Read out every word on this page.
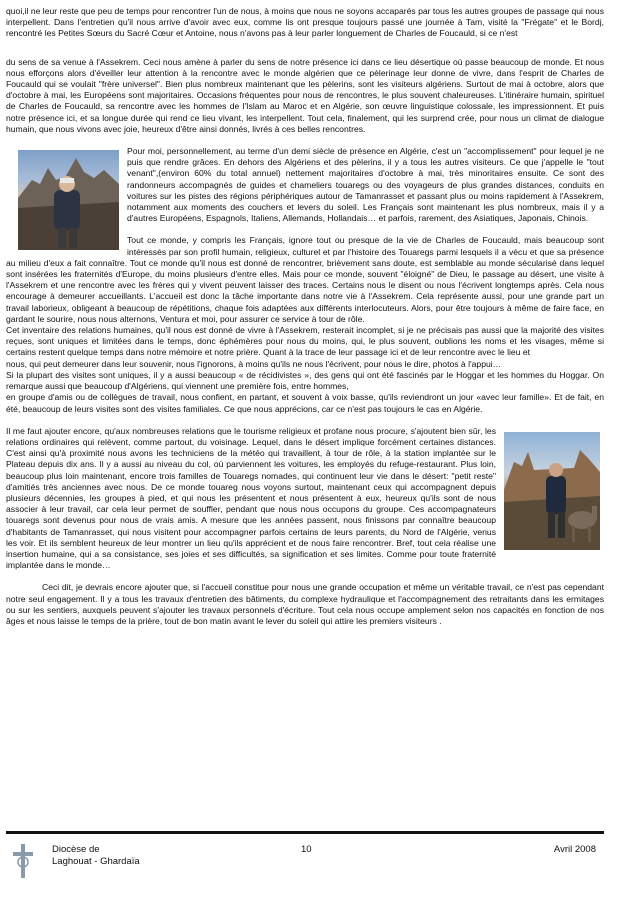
quoi,il ne leur reste que peu de temps pour rencontrer l'un de nous, à moins que nous ne soyons accaparés par tous les autres groupes de passage qui nous interpellent. Dans l'entretien qu'il nous arrive d'avoir avec eux, comme lis ont presque toujours passé une journée à Tam, visité la "Frégate" et le Bordj, rencontré les Petites Sœurs du Sacré Cœur et Antoine, nous n'avons pas à leur parler longuement de Charles de Foucauld, si ce n'est

du sens de sa venue à l'Assekrem. Ceci nous amène à parler du sens de notre présence ici dans ce lieu désertique où passe beaucoup de monde. Et nous nous efforçons alors d'éveiller leur attention à la rencontre avec le monde algérien que ce pèlerinage leur donne de vivre, dans l'esprit de Charles de Foucauld qui se voulait "frère universel". Bien plus nombreux maintenant que les pèlerins, sont les visiteurs algériens. Surtout de mai à octobre, alors que d'octobre à mai, les Européens sont majoritaires. Occasions fréquentes pour nous de rencontres, le plus souvent chaleureuses. L'itinéraire humain, spirituel de Charles de Foucauld, sa rencontre avec les hommes de l'Islam au Maroc et en Algérie, son œuvre linguistique colossale, les impressionnent. Et puis notre présence ici, et sa longue durée qui rend ce lieu vivant, les interpellent. Tout cela, finalement, qui les surprend crée, pour nous un climat de dialogue humain, que nous vivons avec joie, heureux d'être ainsi donnés, livrés à ces belles rencontres.

Pour moi, personnellement, au terme d'un demi siècle de présence en Algérie, c'est un "accomplissement" pour lequel je ne puis que rendre grâces. En dehors des Algériens et des pèlerins, il y a tous les autres visiteurs. Ce que j'appelle le "tout venant",(environ 60% du total annuel) nettement majoritaires d'octobre à mai, très minoritaires ensuite. Ce sont des randonneurs accompagnés de guides et chameliers touaregs ou des voyageurs de plus grandes distances, conduits en voitures sur les pistes des régions périphériques autour de Tamanrasset et passant plus ou moins rapidement à l'Assekrem, notamment aux moments des couchers et levers du soleil. Les Français sont maintenant les plus nombreux, mais il y a d'autres Européens, Espagnols, Italiens, Allemands, Hollandais… et parfois, rarement, des Asiatiques, Japonais, Chinois.

Tout ce monde, y compris les Français, ignore tout ou presque de la vie de Charles de Foucauld, mais beaucoup sont intéressés par son profil humain, religieux, culturel et par l'histoire des Touaregs parmi lesquels il a vécu et que sa présence au milieu d'eux a fait connaître. Tout ce monde qu'il nous est donné de rencontrer, brièvement sans doute, est semblable au monde sécularisé dans lequel sont insérées les fraternités d'Europe, du moins plusieurs d'entre elles. Mais pour ce monde, souvent "éloigné" de Dieu, le passage au désert, une visite à l'Assekrem et une rencontre avec les frères qui y vivent peuvent laisser des traces. Certains nous le disent ou nous l'écrivent longtemps après. Cela nous encourage à demeurer accueillants. L'accueil est donc la tâche importante dans notre vie à l'Assekrem. Cela représente aussi, pour une grande part un travail laborieux, obligeant à beaucoup de répétitions, chaque fois adaptées aux différents interlocuteurs. Alors, pour être toujours à même de faire face, en gardant le sourire, nous nous alternons, Ventura et moi, pour assurer ce service à tour de rôle.

Cet inventaire des relations humaines, qu'il nous est donné de vivre à l'Assekrem, resterait incomplet, si je ne précisais pas aussi que la majorité des visites reçues, sont uniques et limitées dans le temps, donc éphémères pour nous du moins, qui, le plus souvent, oublions les noms et les visages, même si certains restent quelque temps dans notre mémoire et notre prière. Quant à la trace de leur passage ici et de leur rencontre avec le lieu et

nous, qui peut demeurer dans leur souvenir, nous l'ignorons, à moins qu'ils ne nous l'écrivent, pour nous le dire, photos à l'appui…

Si la plupart des visites sont uniques, il y a aussi beaucoup « de récidivistes », des gens qui ont été fascinés par le Hoggar et les hommes du Hoggar. On remarque aussi que beaucoup d'Algériens, qui viennent une première fois, entre hommes,

en groupe d'amis ou de collègues de travail, nous confient, en partant, et souvent à voix basse, qu'ils reviendront un jour «avec leur famille». Et de fait, en été, beaucoup de leurs visites sont des visites familiales. Ce que nous apprécions, car ce n'est pas toujours le cas en Algérie.

Il me faut ajouter encore, qu'aux nombreuses relations que le tourisme religieux et profane nous procure, s'ajoutent bien sûr, les relations ordinaires qui relèvent, comme partout, du voisinage. Lequel, dans le désert implique forcément certaines distances. C'est ainsi qu'à proximité nous avons les techniciens de la météo qui travaillent, à tour de rôle, à la station implantée sur le Plateau depuis dix ans. Il y a aussi au niveau du col, où parviennent les voitures, les employés du refuge-restaurant. Plus loin, beaucoup plus loin maintenant, encore trois familles de Touaregs nomades, qui continuent leur vie dans le désert: "petit reste" d'amitiés très anciennes avec nous. De ce monde touareg nous voyons surtout, maintenant ceux qui accompagnent depuis plusieurs décennies, les groupes à pied, et qui nous les présentent et nous présentent à eux, heureux qu'ils sont de nous associer à leur travail, car cela leur permet de souffler, pendant que nous nous occupons du groupe. Ces accompagnateurs touaregs sont devenus pour nous de vrais amis. A mesure que les années passent, nous finissons par connaître beaucoup d'habitants de Tamanrasset, qui nous visitent pour accompagner parfois certains de leurs parents, du Nord de l'Algérie, venus les voir. Et ils semblent heureux de leur montrer un lieu qu'ils apprécient et de nous faire rencontrer. Bref, tout cela réalise une insertion humaine, qui a sa consistance, ses joies et ses difficultés, sa signification et ses limites. Comme pour toute fraternité implantée dans le monde…

Ceci dit, je devrais encore ajouter que, si l'accueil constitue pour nous une grande occupation et même un véritable travail, ce n'est pas cependant notre seul engagement. Il y a tous les travaux d'entretien des bâtiments, du complexe hydraulique et l'accompagnement des retraitants dans les ermitages ou sur les sentiers, auxquels peuvent s'ajouter les travaux personnels d'écriture. Tout cela nous occupe amplement selon nos capacités en fonction de nos âges et nous laisse le temps de la prière, tout de bon matin avant le lever du soleil qui attire les premiers visiteurs .

Diocèse de
Laghouat - Ghardaïa
10	Avril 2008
